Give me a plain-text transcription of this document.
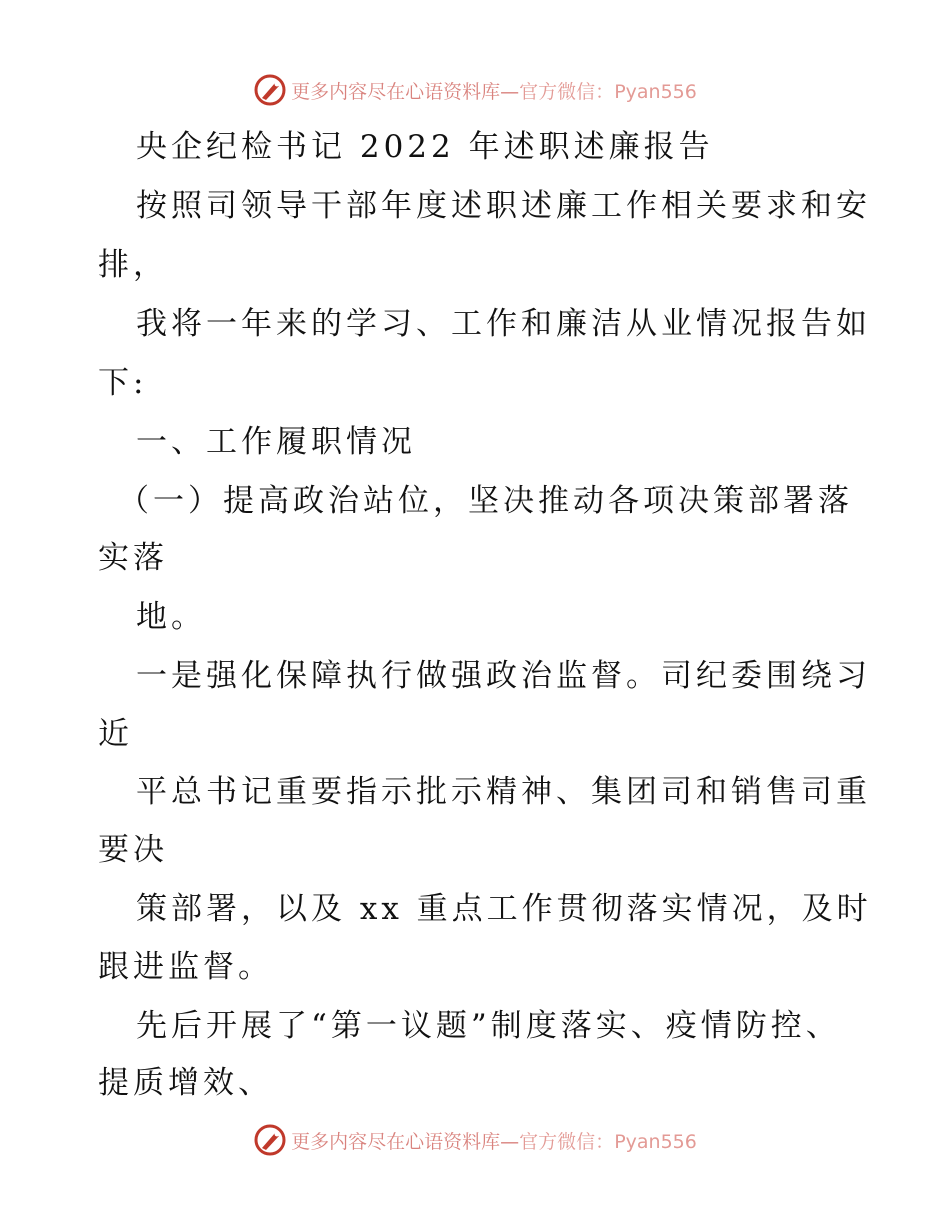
更多内容尽在心语资料库—官方微信：Pyan556
央企纪检书记 2022 年述职述廉报告
按照司领导干部年度述职述廉工作相关要求和安
排，
我将一年来的学习、工作和廉洁从业情况报告如
下:
一、工作履职情况
（一）提高政治站位，坚决推动各项决策部署落
实落
地。
一是强化保障执行做强政治监督。司纪委围绕习
近
平总书记重要指示批示精神、集团司和销售司重
要决
策部署，以及 xx 重点工作贯彻落实情况，及时
跟进监督。
先后开展了“第一议题”制度落实、疫情防控、
提质增效、
更多内容尽在心语资料库—官方微信：Pyan556
